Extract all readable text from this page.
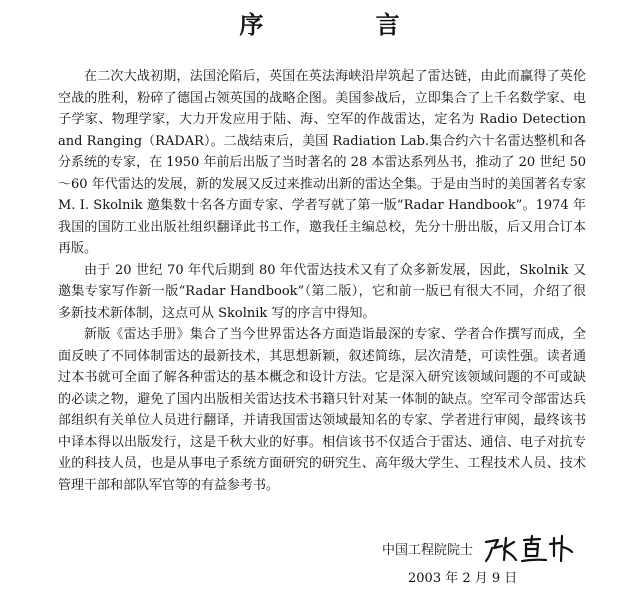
序 言

在二次大战初期，法国沦陷后，英国在英法海峡沿岸筑起了雷达链，由此而赢得了英伦空战的胜利，粉碎了德国占领英国的战略企图。美国参战后，立即集合了上千名数学家、电子学家、物理学家，大力开发应用于陆、海、空军的作战雷达，定名为 Radio Detection and Ranging（RADAR）。二战结束后，美国 Radiation Lab.集合约六十名雷达整机和各分系统的专家，在 1950 年前后出版了当时著名的 28 本雷达系列丛书，推动了 20 世纪 50～60 年代雷达的发展，新的发展又反过来推动出新的雷达全集。于是由当时的美国著名专家 M. I. Skolnik 邀集数十名各方面专家、学者写就了第一版“Radar Handbook”。1974 年我国的国防工业出版社组织翻译此书工作，邀我任主编总校，先分十册出版，后又用合订本再版。

由于 20 世纪 70 年代后期到 80 年代雷达技术又有了众多新发展，因此，Skolnik 又邀集专家写作新一版“Radar Handbook”（第二版），它和前一版已有很大不同，介绍了很多新技术新体制，这点可从 Skolnik 写的序言中得知。

新版《雷达手册》集合了当今世界雷达各方面造诣最深的专家、学者合作撰写而成，全面反映了不同体制雷达的最新技术，其思想新颖，叙述简练，层次清楚，可读性强。读者通过本书就可全面了解各种雷达的基本概念和设计方法。它是深入研究该领域问题的不可或缺的必读之物，避免了国内出版相关雷达技术书籍只针对某一体制的缺点。空军司令部雷达兵部组织有关单位人员进行翻译，并请我国雷达领域最知名的专家、学者进行审阅，最终该书中译本得以出版发行，这是千秋大业的好事。相信该书不仅适合于雷达、通信、电子对抗专业的科技人员，也是从事电子系统方面研究的研究生、高年级大学生、工程技术人员、技术管理干部和部队军官等的有益参考书。

中国工程院院士
2003 年 2 月 9 日
